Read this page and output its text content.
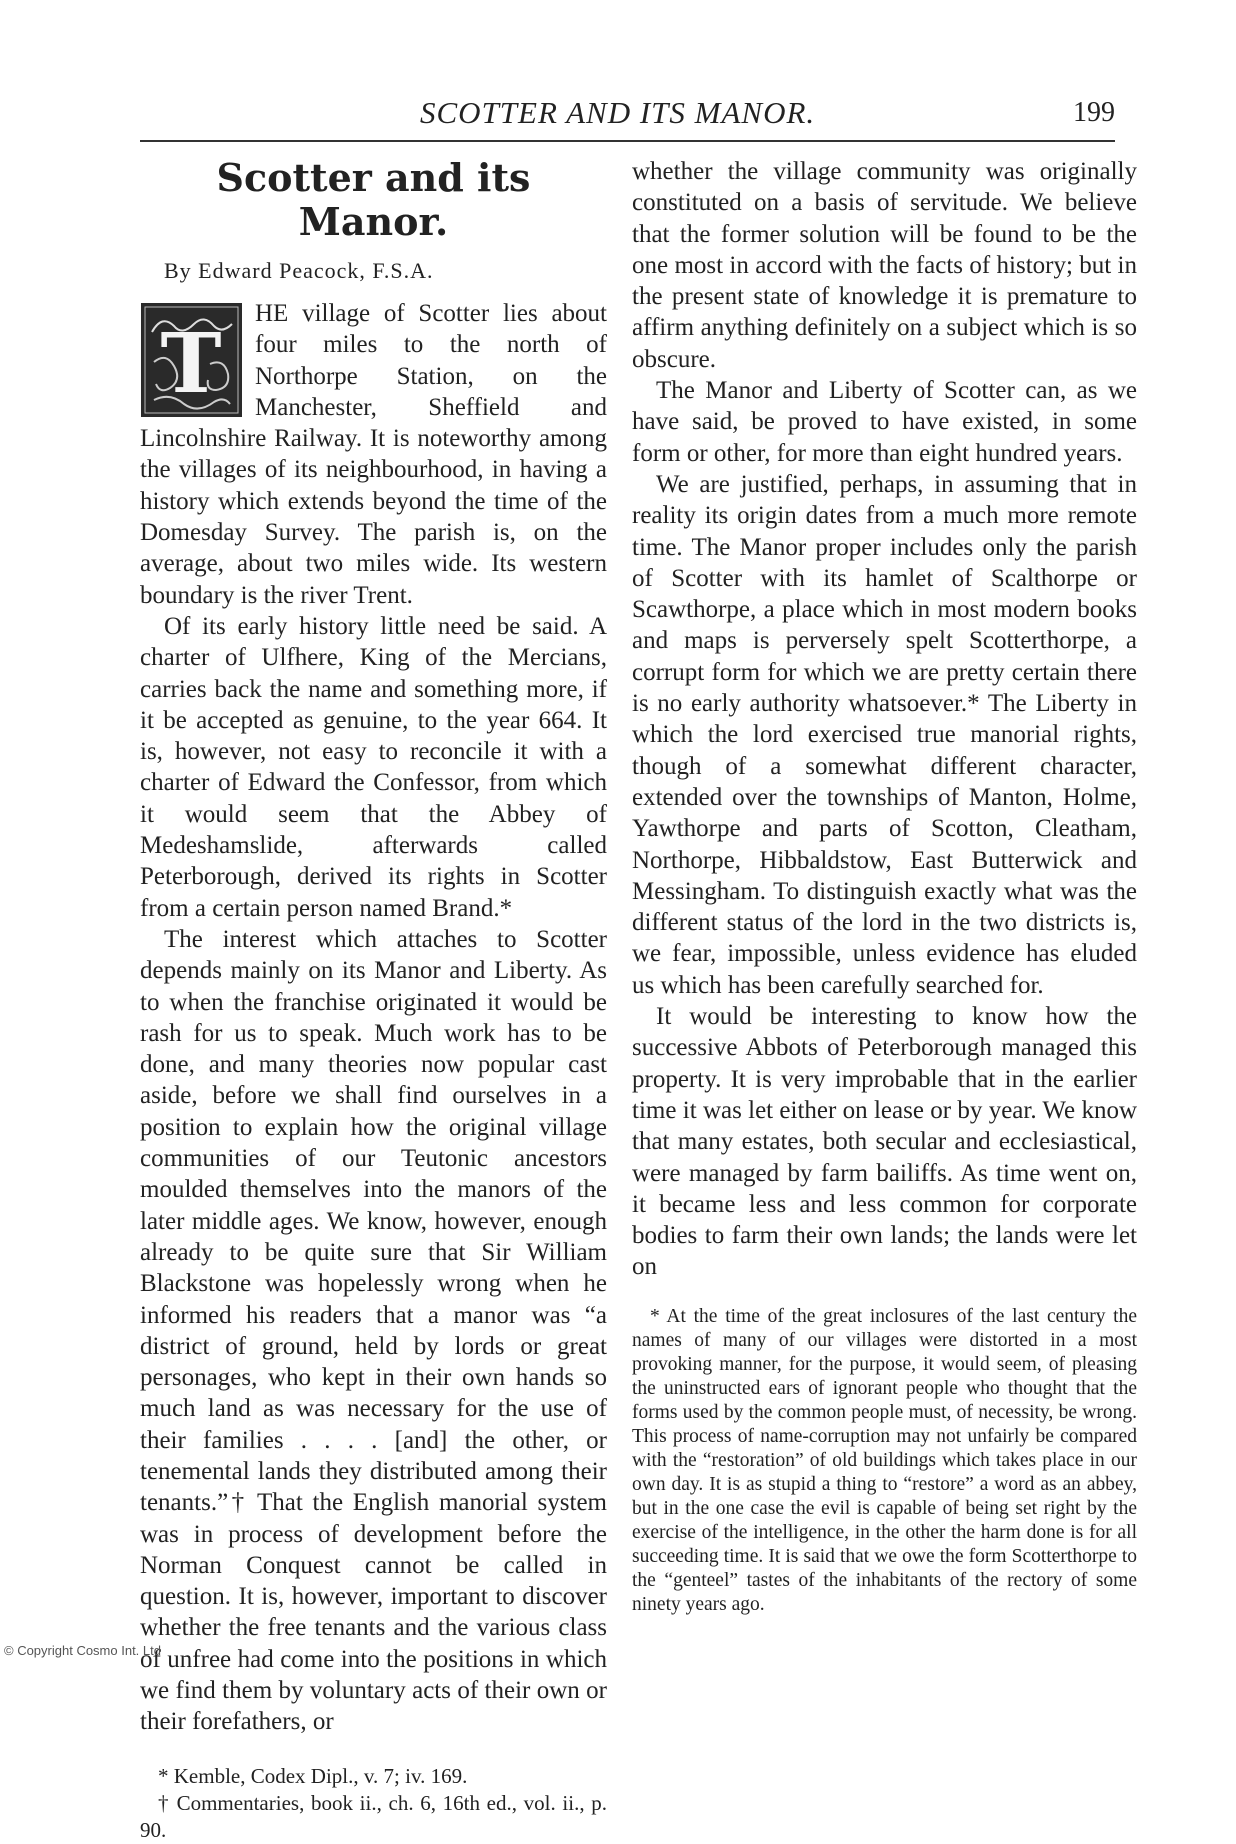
SCOTTER AND ITS MANOR.	199
Scotter and its Manor.
By Edward Peacock, F.S.A.
T

HE village of Scotter lies about four miles to the north of Northorpe Station, on the Manchester, Sheffield and Lincolnshire Railway. It is noteworthy among the villages of its neighbourhood, in having a history which extends beyond the time of the Domesday Survey. The parish is, on the average, about two miles wide. Its western boundary is the river Trent.

Of its early history little need be said. A charter of Ulfhere, King of the Mercians, carries back the name and something more, if it be accepted as genuine, to the year 664. It is, however, not easy to reconcile it with a charter of Edward the Confessor, from which it would seem that the Abbey of Medeshamslide, afterwards called Peterborough, derived its rights in Scotter from a certain person named Brand.*

The interest which attaches to Scotter depends mainly on its Manor and Liberty. As to when the franchise originated it would be rash for us to speak. Much work has to be done, and many theories now popular cast aside, before we shall find ourselves in a position to explain how the original village communities of our Teutonic ancestors moulded themselves into the manors of the later middle ages. We know, however, enough already to be quite sure that Sir William Blackstone was hopelessly wrong when he informed his readers that a manor was “a district of ground, held by lords or great personages, who kept in their own hands so much land as was necessary for the use of their families . . . . [and] the other, or tenemental lands they distributed among their tenants.”† That the English manorial system was in process of development before the Norman Conquest cannot be called in question. It is, however, important to discover whether the free tenants and the various class of unfree had come into the positions in which we find them by voluntary acts of their own or their forefathers, or

* Kemble, Codex Dipl., v. 7; iv. 169.

† Commentaries, book ii., ch. 6, 16th ed., vol. ii., p. 90.

whether the village community was originally constituted on a basis of servitude. We believe that the former solution will be found to be the one most in accord with the facts of history; but in the present state of knowledge it is premature to affirm anything definitely on a subject which is so obscure.

The Manor and Liberty of Scotter can, as we have said, be proved to have existed, in some form or other, for more than eight hundred years.

We are justified, perhaps, in assuming that in reality its origin dates from a much more remote time. The Manor proper includes only the parish of Scotter with its hamlet of Scalthorpe or Scawthorpe, a place which in most modern books and maps is perversely spelt Scotterthorpe, a corrupt form for which we are pretty certain there is no early authority whatsoever.* The Liberty in which the lord exercised true manorial rights, though of a somewhat different character, extended over the townships of Manton, Holme, Yawthorpe and parts of Scotton, Cleatham, Northorpe, Hibbaldstow, East Butterwick and Messingham. To distinguish exactly what was the different status of the lord in the two districts is, we fear, impossible, unless evidence has eluded us which has been carefully searched for.

It would be interesting to know how the successive Abbots of Peterborough managed this property. It is very improbable that in the earlier time it was let either on lease or by year. We know that many estates, both secular and ecclesiastical, were managed by farm bailiffs. As time went on, it became less and less common for corporate bodies to farm their own lands; the lands were let on

* At the time of the great inclosures of the last century the names of many of our villages were distorted in a most provoking manner, for the purpose, it would seem, of pleasing the uninstructed ears of ignorant people who thought that the forms used by the common people must, of necessity, be wrong. This process of name-corruption may not unfairly be compared with the “restoration” of old buildings which takes place in our own day. It is as stupid a thing to “restore” a word as an abbey, but in the one case the evil is capable of being set right by the exercise of the intelligence, in the other the harm done is for all succeeding time. It is said that we owe the form Scotterthorpe to the “genteel” tastes of the inhabitants of the rectory of some ninety years ago.

© Copyright Cosmo Int. Ltd
